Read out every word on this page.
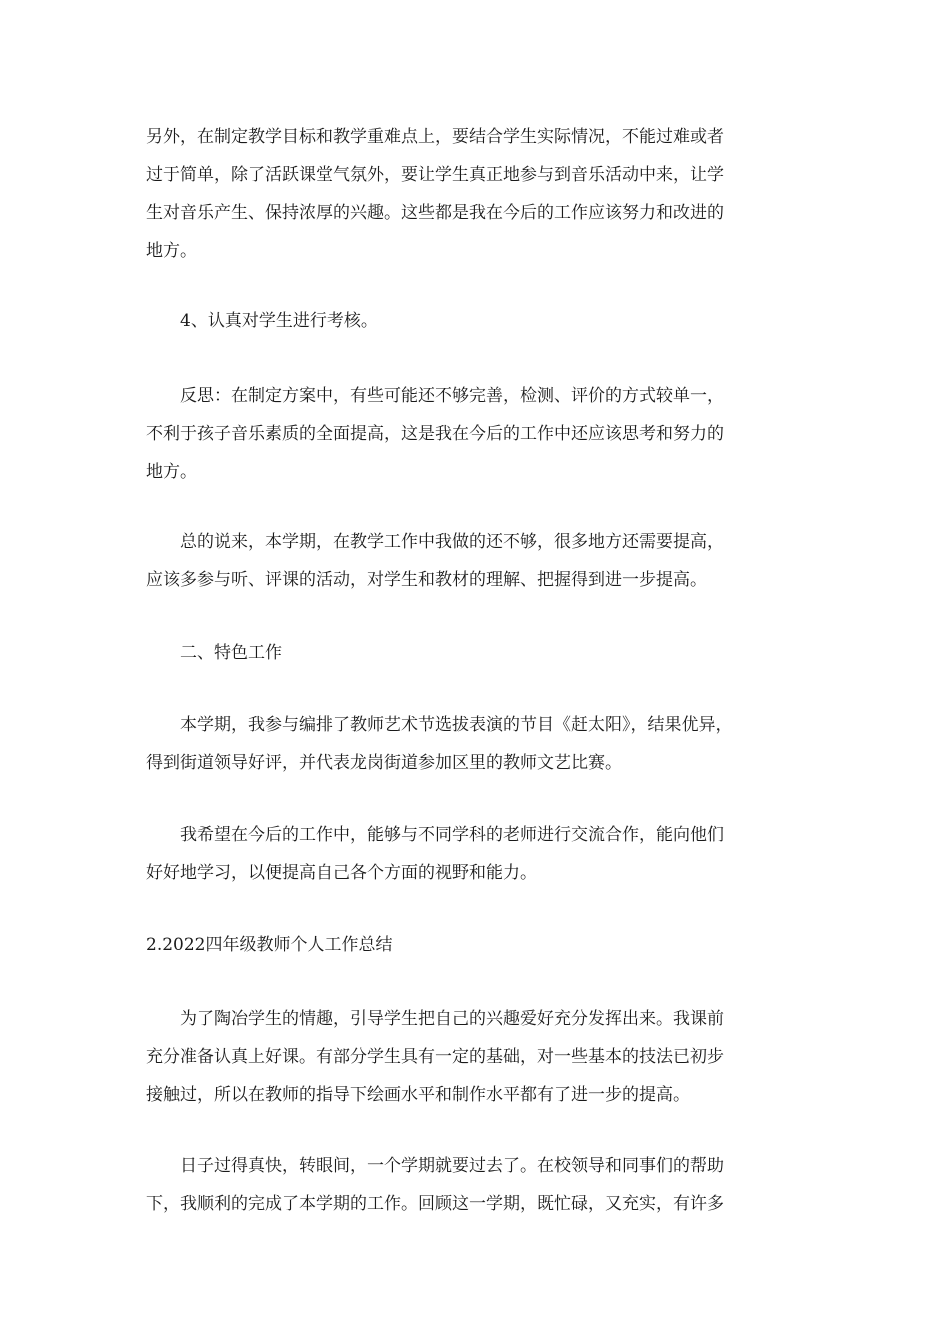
另外，在制定教学目标和教学重难点上，要结合学生实际情况，不能过难或者
过于简单，除了活跃课堂气氛外，要让学生真正地参与到音乐活动中来，让学
生对音乐产生、保持浓厚的兴趣。这些都是我在今后的工作应该努力和改进的
地方。

　　4、认真对学生进行考核。

　　反思：在制定方案中，有些可能还不够完善，检测、评价的方式较单一，
不利于孩子音乐素质的全面提高，这是我在今后的工作中还应该思考和努力的
地方。

　　总的说来，本学期，在教学工作中我做的还不够，很多地方还需要提高，
应该多参与听、评课的活动，对学生和教材的理解、把握得到进一步提高。

　　二、特色工作

　　本学期，我参与编排了教师艺术节选拔表演的节目《赶太阳》，结果优异，
得到街道领导好评，并代表龙岗街道参加区里的教师文艺比赛。

　　我希望在今后的工作中，能够与不同学科的老师进行交流合作，能向他们
好好地学习，以便提高自己各个方面的视野和能力。

2.2022四年级教师个人工作总结

　　为了陶冶学生的情趣，引导学生把自己的兴趣爱好充分发挥出来。我课前
充分准备认真上好课。有部分学生具有一定的基础，对一些基本的技法已初步
接触过，所以在教师的指导下绘画水平和制作水平都有了进一步的提高。

　　日子过得真快，转眼间，一个学期就要过去了。在校领导和同事们的帮助
下，我顺利的完成了本学期的工作。回顾这一学期，既忙碌，又充实，有许多
